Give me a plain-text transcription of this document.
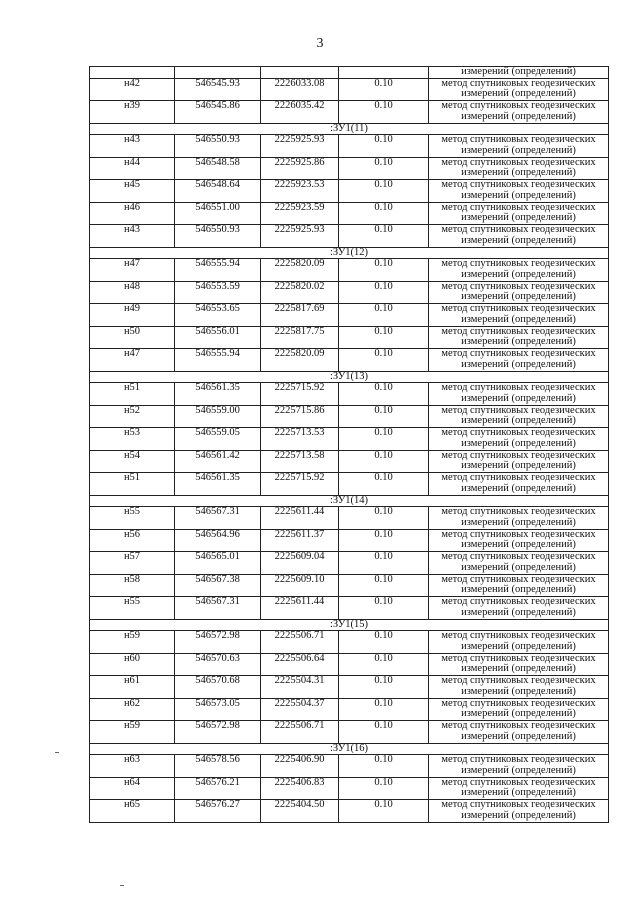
3
				измерений (определений)
н42	546545.93	2226033.08	0.10	метод спутниковых геодезических
измерений (определений)
н39	546545.86	2226035.42	0.10	метод спутниковых геодезических
измерений (определений)
:ЗУ1(11)				
н43	546550.93	2225925.93	0.10	метод спутниковых геодезических
измерений (определений)
н44	546548.58	2225925.86	0.10	метод спутниковых геодезических
измерений (определений)
н45	546548.64	2225923.53	0.10	метод спутниковых геодезических
измерений (определений)
н46	546551.00	2225923.59	0.10	метод спутниковых геодезических
измерений (определений)
н43	546550.93	2225925.93	0.10	метод спутниковых геодезических
измерений (определений)
:ЗУ1(12)				
н47	546555.94	2225820.09	0.10	метод спутниковых геодезических
измерений (определений)
н48	546553.59	2225820.02	0.10	метод спутниковых геодезических
измерений (определений)
н49	546553.65	2225817.69	0.10	метод спутниковых геодезических
измерений (определений)
н50	546556.01	2225817.75	0.10	метод спутниковых геодезических
измерений (определений)
н47	546555.94	2225820.09	0.10	метод спутниковых геодезических
измерений (определений)
:ЗУ1(13)				
н51	546561.35	2225715.92	0.10	метод спутниковых геодезических
измерений (определений)
н52	546559.00	2225715.86	0.10	метод спутниковых геодезических
измерений (определений)
н53	546559.05	2225713.53	0.10	метод спутниковых геодезических
измерений (определений)
н54	546561.42	2225713.58	0.10	метод спутниковых геодезических
измерений (определений)
н51	546561.35	2225715.92	0.10	метод спутниковых геодезических
измерений (определений)
:ЗУ1(14)				
н55	546567.31	2225611.44	0.10	метод спутниковых геодезических
измерений (определений)
н56	546564.96	2225611.37	0.10	метод спутниковых геодезических
измерений (определений)
н57	546565.01	2225609.04	0.10	метод спутниковых геодезических
измерений (определений)
н58	546567.38	2225609.10	0.10	метод спутниковых геодезических
измерений (определений)
н55	546567.31	2225611.44	0.10	метод спутниковых геодезических
измерений (определений)
:ЗУ1(15)				
н59	546572.98	2225506.71	0.10	метод спутниковых геодезических
измерений (определений)
н60	546570.63	2225506.64	0.10	метод спутниковых геодезических
измерений (определений)
н61	546570.68	2225504.31	0.10	метод спутниковых геодезических
измерений (определений)
н62	546573.05	2225504.37	0.10	метод спутниковых геодезических
измерений (определений)
н59	546572.98	2225506.71	0.10	метод спутниковых геодезических
измерений (определений)
:ЗУ1(16)				
н63	546578.56	2225406.90	0.10	метод спутниковых геодезических
измерений (определений)
н64	546576.21	2225406.83	0.10	метод спутниковых геодезических
измерений (определений)
н65	546576.27	2225404.50	0.10	метод спутниковых геодезических
измерений (определений)
